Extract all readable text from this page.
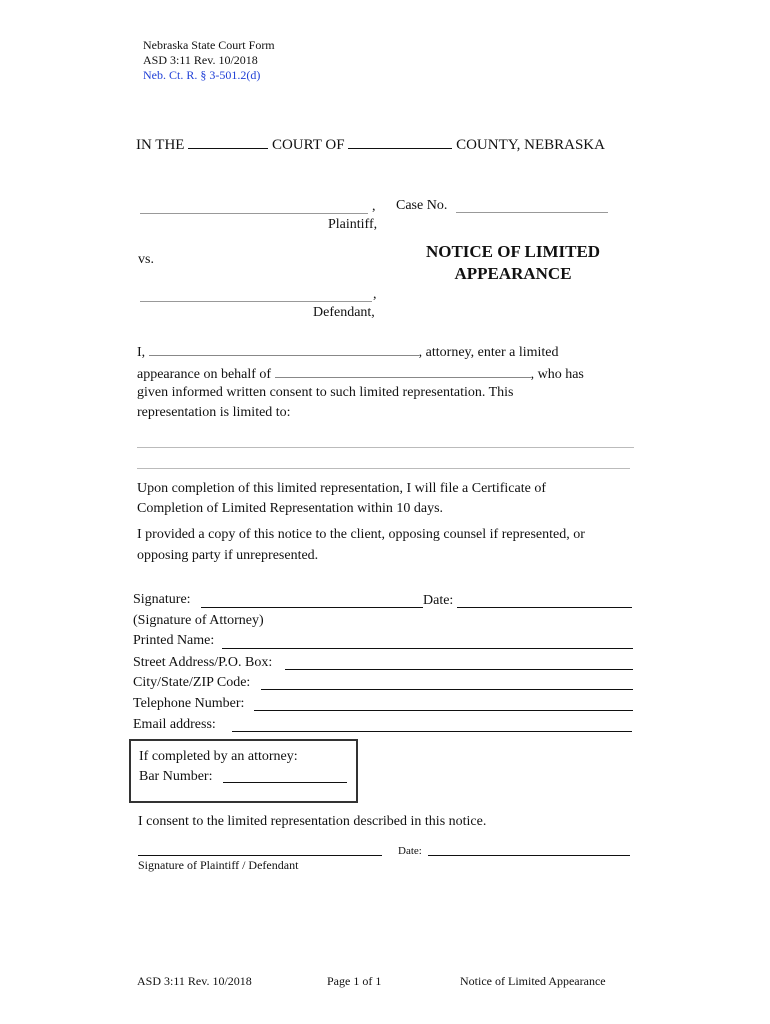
Nebraska State Court Form
ASD 3:11 Rev. 10/2018
Neb. Ct. R. § 3-501.2(d)
IN THE	COURT OF	COUNTY, NEBRASKA
,
Plaintiff,
Case No.
vs.	NOTICE OF LIMITED
APPEARANCE
,
Defendant,
I,	, attorney, enter a limited
appearance on behalf of	, who has
given informed written consent to such limited representation. This
representation is limited to:
Upon completion of this limited representation, I will file a Certificate of
Completion of Limited Representation within 10 days.
I provided a copy of this notice to the client, opposing counsel if represented, or
opposing party if unrepresented.
Signature:	Date:
(Signature of Attorney)
Printed Name:
Street Address/P.O. Box:
City/State/ZIP Code:
Telephone Number:
Email address:
If completed by an attorney:
Bar Number:
I consent to the limited representation described in this notice.
Date:
Signature of Plaintiff / Defendant
ASD 3:11 Rev. 10/2018	Page 1 of 1	Notice of Limited Appearance
